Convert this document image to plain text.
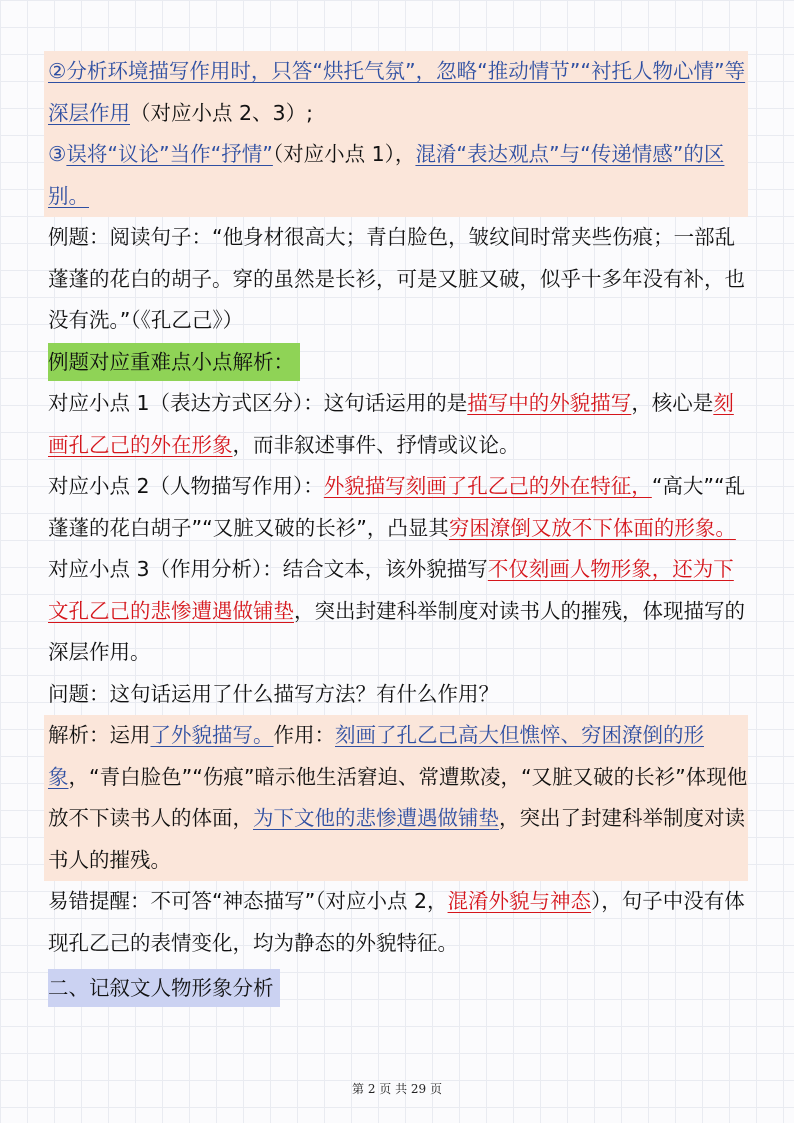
②分析环境描写作用时，只答“烘托气氛”，忽略“推动情节”“衬托人物心情”等深层作用（对应小点 2、3）;

③误将“议论”当作“抒情”（对应小点 1），混淆“表达观点”与“传递情感”的区别。

例题：阅读句子：“他身材很高大；青白脸色，皱纹间时常夹些伤痕；一部乱蓬蓬的花白的胡子。穿的虽然是长衫，可是又脏又破，似乎十多年没有补，也没有洗。”（《孔乙己》）

例题对应重难点小点解析：

对应小点 1（表达方式区分）：这句话运用的是描写中的外貌描写，核心是刻画孔乙己的外在形象，而非叙述事件、抒情或议论。

对应小点 2（人物描写作用）：外貌描写刻画了孔乙己的外在特征，“高大”“乱蓬蓬的花白胡子”“又脏又破的长衫”，凸显其穷困潦倒又放不下体面的形象。

对应小点 3（作用分析）：结合文本，该外貌描写不仅刻画人物形象，还为下文孔乙己的悲惨遭遇做铺垫，突出封建科举制度对读书人的摧残，体现描写的深层作用。

问题：这句话运用了什么描写方法？有什么作用？

解析：运用了外貌描写。作用：刻画了孔乙己高大但憔悴、穷困潦倒的形象，“青白脸色”“伤痕”暗示他生活窘迫、常遭欺凌，“又脏又破的长衫”体现他放不下读书人的体面，为下文他的悲惨遭遇做铺垫，突出了封建科举制度对读书人的摧残。

易错提醒：不可答“神态描写”（对应小点 2，混淆外貌与神态），句子中没有体现孔乙己的表情变化，均为静态的外貌特征。

二、记叙文人物形象分析

第 2 页 共 29 页
